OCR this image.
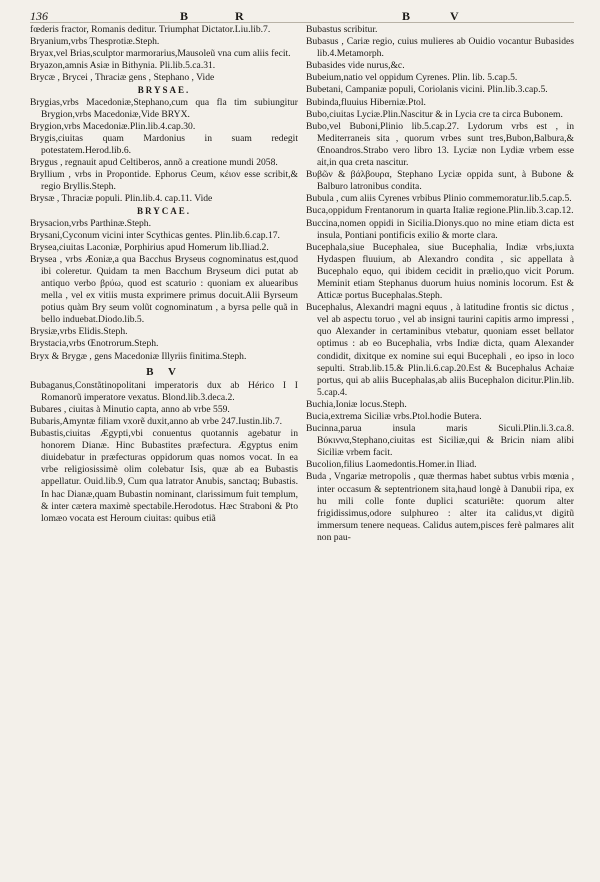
136	B	R	B	V

fœderis fractor, Romanis deditur. Triumphat Dictator.Liu.lib.7.

Bryanium,vrbs Thesprotiæ.Steph.

Bryax,vel Brias,sculptor marmorarius,Mausoleũ vna cum aliis fecit.

Bryazon,amnis Asiæ in Bithynia. Pli.lib.5.ca.31.

Brycæ , Brycei , Thraciæ gens , Stephano , Vide

BRYSAE.

Brygias,vrbs Macedoniæ,Stephano,cum qua fla tim subiungitur Brygion,vrbs Macedoniæ,Vide BRYX.

Brygion,vrbs Macedoniæ.Plin.lib.4.cap.30.

Brygis,ciuitas quam Mardonius in suam redegit potestatem.Herod.lib.6.

Brygus , regnauit apud Celtiberos, annõ a creatione mundi 2058.

Bryllium , vrbs in Propontide. Ephorus Ceum, κέιον esse scribit,& regio Bryllis.Steph.

Brysæ , Thraciæ populi. Plin.lib.4. cap.11. Vide

BRYCAE.

Brysacion,vrbs Parthinæ.Steph.

Brysani,Cyconum vicini inter Scythicas gentes. Plin.lib.6.cap.17.

Brysea,ciuitas Laconiæ, Porphirius apud Homerum lib.Iliad.2.

Brysea , vrbs Æoniæ,a qua Bacchus Bryseus cognominatus est,quod ibi coleretur. Quidam ta men Bacchum Bryseum dici putat ab antiquo verbo βρύω, quod est scaturio : quoniam ex aluearibus mella , vel ex vitiis musta exprimere primus docuit.Alii Byrseum potius quàm Bry seum volũt cognominatum , a byrsa pelle quã in bello induebat.Diodo.lib.5.

Brysiæ,vrbs Elidis.Steph.

Brystacia,vrbs Œnotrorum.Steph.

Bryx & Brygæ , gens Macedoniæ Illyriis finitima.Steph.

B V

Bubaganus,Constãtinopolitani imperatoris dux ab Hérico I I Romanorũ imperatore vexatus. Blond.lib.3.deca.2.

Bubares , ciuitas à Minutio capta, anno ab vrbe 559.

Bubaris,Amyntæ filiam vxorẽ duxit,anno ab vrbe 247.Iustin.lib.7.

Bubastis,ciuitas Ægypti,vbi conuentus quotannis agebatur in honorem Dianæ. Hinc Bubastites præfectura. Ægyptus enim diuidebatur in præfecturas oppidorum quas nomos vocat. In ea vrbe religiosissimè olim colebatur Isis, quæ ab ea Bubastis appellatur. Ouid.lib.9, Cum qua latrator Anubis, sanctaq; Bubastis. In hac Dianæ,quam Bubastin nominant, clarissimum fuit templum, & inter cætera maximè spectabile.Herodotus. Hæc Straboni & Pto lomæo vocata est Heroum ciuitas: quibus etiã

Bubastus scribitur.

Bubasus , Cariæ regio, cuius mulieres ab Ouidio vocantur Bubasides lib.4.Metamorph.

Bubasides vide nurus,&c.

Bubeium,natio vel oppidum Cyrenes. Plin. lib. 5.cap.5.

Bubetani, Campaniæ populi, Coriolanis vicini. Plin.lib.3.cap.5.

Bubinda,fluuius Hiberniæ.Ptol.

Bubo,ciuitas Lyciæ.Plin.Nascitur & in Lycia cre ta circa Bubonem.

Bubo,vel Buboni,Plinio lib.5.cap.27. Lydorum vrbs est , in Mediterraneis sita , quorum vrbes sunt tres,Bubon,Balbura,& Œnoandros.Strabo vero libro 13. Lyciæ non Lydiæ vrbem esse ait,in qua creta nascitur.

Βυβῶν & βάλβουρα, Stephano Lyciæ oppida sunt, à Bubone & Balburo latronibus condita.

Bubula , cum aliis Cyrenes vrbibus Plinio commemoratur.lib.5.cap.5.

Buca,oppidum Frentanorum in quarta Italiæ regione.Plin.lib.3.cap.12.

Buccina,nomen oppidi in Sicilia.Dionys.quo no mine etiam dicta est insula, Pontiani pontificis exilio & morte clara.

Bucephala,siue Bucephalea, siue Bucephalia, Indiæ vrbs,iuxta Hydaspen fluuium, ab Alexandro condita , sic appellata à Bucephalo equo, qui ibidem cecidit in prælio,quo vicit Porum. Meminit etiam Stephanus duorum huius nominis locorum. Est & Atticæ portus Bucephalas.Steph.

Bucephalus, Alexandri magni equus , à latitudine frontis sic dictus , vel ab aspectu toruo , vel ab insigni taurini capitis armo impressi , quo Alexander in certaminibus vtebatur, quoniam esset bellator optimus : ab eo Bucephalia, vrbs Indiæ dicta, quam Alexander condidit, dixitque ex nomine sui equi Bucephali , eo ipso in loco sepulti. Strab.lib.15.& Plin.li.6.cap.20.Est & Bucephalus Achaiæ portus, qui ab aliis Bucephalas,ab aliis Bucephalon dicitur.Plin.lib. 5.cap.4.

Buchia,Ioniæ locus.Steph.

Bucia,extrema Siciliæ vrbs.Ptol.hodie Butera.

Bucinna,parua insula maris Siculi.Plin.li.3.ca.8. Βύκιννα,Stephano,ciuitas est Siciliæ,qui & Bricin niam alibi Siciliæ vrbem facit.

Bucolion,filius Laomedontis.Homer.in Iliad.

Buda , Vngariæ metropolis , quæ thermas habet subtus vrbis mœnia , inter occasum & septentrionem sita,haud longè à Danubii ripa, ex hu mili colle fonte duplici scaturiẽte: quorum alter frigidissimus,odore sulphureo : alter ita calidus,vt digitũ immersum tenere nequeas. Calidus autem,pisces ferè palmares alit non pau-
